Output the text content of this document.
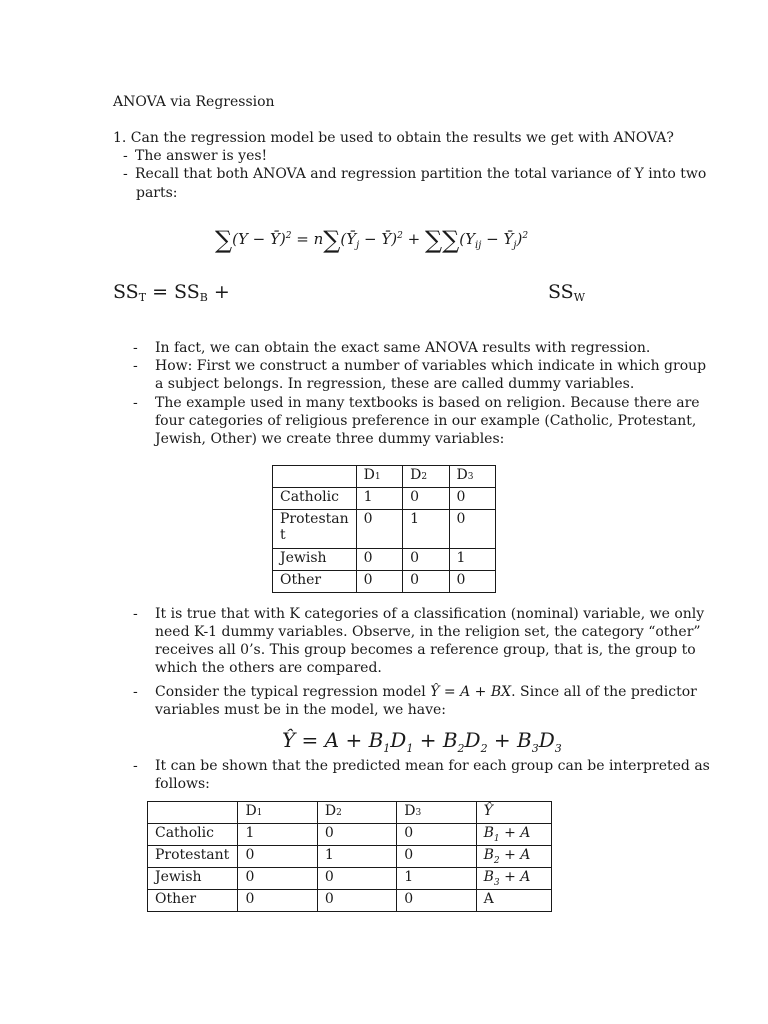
ANOVA via Regression
1. Can the regression model be used to obtain the results we get with ANOVA?
- The answer is yes!
- Recall that both ANOVA and regression partition the total variance of Y into two
parts:
∑(Y − Ȳ)$^2$ = $n\sum(Ȳ_j$ − Ȳ)$^2$ + $\sum\sum(Y_{ij}$ − $Ȳ_j)^2$
$SS_T = SS_B$ +	$SS_W$
- In fact, we can obtain the exact same ANOVA results with regression.
- How: First we construct a number of variables which indicate in which group
a subject belongs. In regression, these are called dummy variables.
- The example used in many textbooks is based on religion. Because there are
four categories of religious preference in our example (Catholic, Protestant,
Jewish, Other) we create three dummy variables:
	D1	D2	D3
Catholic	1	0	0
Protestan
t	0	1	0
Jewish	0	0	1
Other	0	0	0
- It is true that with K categories of a classification (nominal) variable, we only
need K-1 dummy variables. Observe, in the religion set, the category “other”
receives all 0’s. This group becomes a reference group, that is, the group to
which the others are compared.
- Consider the typical regression model Ŷ = A + BX. Since all of the predictor
variables must be in the model, we have:
Ŷ = $A + B_1D_1 + B_2D_2 + B_3D_3$
- It can be shown that the predicted mean for each group can be interpreted as
follows:
	D1	D2	D3	Ŷ
Catholic	1	0	0	$B_1 + A$
Protestant	0	1	0	$B_2 + A$
Jewish	0	0	1	$B_3 + A$
Other	0	0	0	A
